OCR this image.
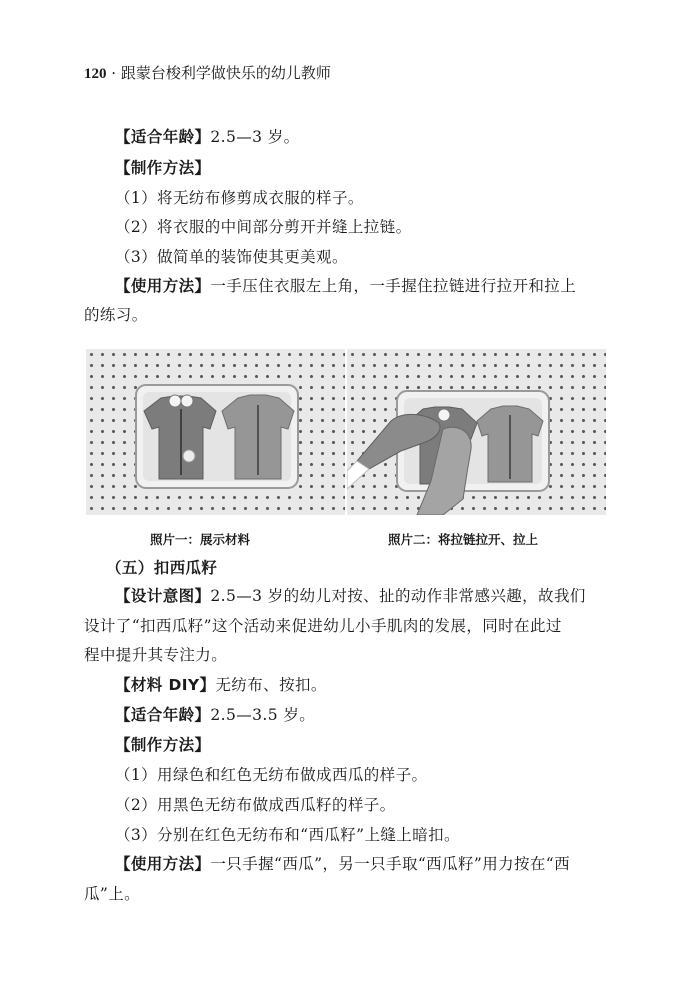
120 · 跟蒙台梭利学做快乐的幼儿教师
【适合年龄】2.5—3 岁。
【制作方法】
（1）将无纺布修剪成衣服的样子。
（2）将衣服的中间部分剪开并缝上拉链。
（3）做简单的装饰使其更美观。
【使用方法】一手压住衣服左上角，一手握住拉链进行拉开和拉上
的练习。
照片一：展示材料	照片二：将拉链拉开、拉上
（五）扣西瓜籽
【设计意图】2.5—3 岁的幼儿对按、扯的动作非常感兴趣，故我们
设计了“扣西瓜籽”这个活动来促进幼儿小手肌肉的发展，同时在此过
程中提升其专注力。
【材料 DIY】无纺布、按扣。
【适合年龄】2.5—3.5 岁。
【制作方法】
（1）用绿色和红色无纺布做成西瓜的样子。
（2）用黑色无纺布做成西瓜籽的样子。
（3）分别在红色无纺布和“西瓜籽”上缝上暗扣。
【使用方法】一只手握“西瓜”，另一只手取“西瓜籽”用力按在“西
瓜”上。
